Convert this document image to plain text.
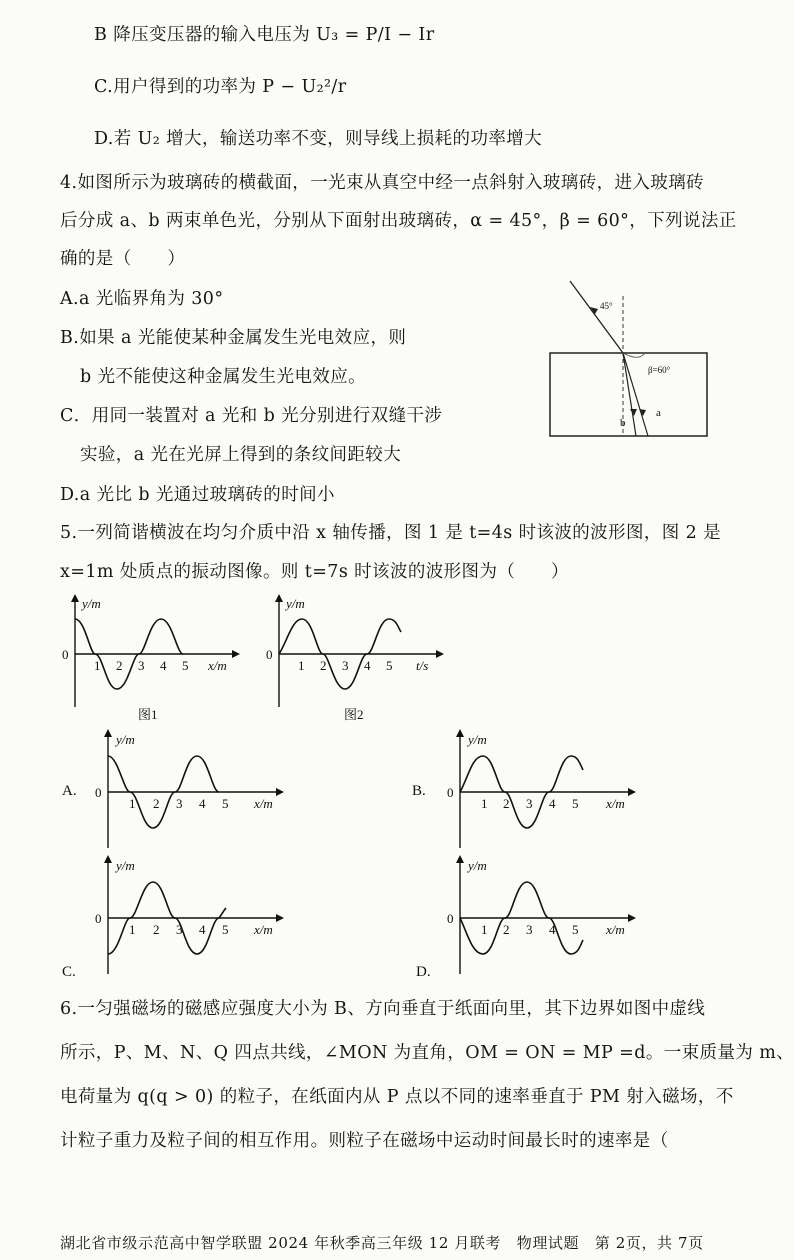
B 降压变压器的输入电压为 U₃ = P/I − Ir
C.用户得到的功率为 P − U₂²/r
D.若 U₂ 增大，输送功率不变，则导线上损耗的功率增大
4.如图所示为玻璃砖的横截面，一光束从真空中经一点斜射入玻璃砖，进入玻璃砖
后分成 a、b 两束单色光，分别从下面射出玻璃砖，α = 45°，β = 60°，下列说法正
确的是（　　）
A.a 光临界角为 30°
B.如果 a 光能使某种金属发生光电效应，则
b 光不能使这种金属发生光电效应。
C．用同一装置对 a 光和 b 光分别进行双缝干涉
实验，a 光在光屏上得到的条纹间距较大
D.a 光比 b 光通过玻璃砖的时间小
45°
β=60°
a
b
5.一列简谐横波在均匀介质中沿 x 轴传播，图 1 是 t=4s 时该波的波形图，图 2 是
x=1m 处质点的振动图像。则 t=7s 时该波的波形图为（　　）
y/m
0
1 2 3 4 5 x/m
图1
y/m
0
1 2 3 4 5 t/s
图2
A.
y/m
0
1 2 3 4 5 x/m
B.
y/m
0
1 2 3 4 5 x/m
C.
y/m
0
1 2 3 4 5 x/m
D.
y/m
0
1 2 3 4 5 x/m
6.一匀强磁场的磁感应强度大小为 B、方向垂直于纸面向里，其下边界如图中虚线
所示，P、M、N、Q 四点共线，∠MON 为直角，OM = ON = MP =d。一束质量为 m、
电荷量为 q(q > 0) 的粒子，在纸面内从 P 点以不同的速率垂直于 PM 射入磁场，不
计粒子重力及粒子间的相互作用。则粒子在磁场中运动时间最长时的速率是（
湖北省市级示范高中智学联盟 2024 年秋季高三年级 12 月联考　物理试题　第 2页，共 7页
